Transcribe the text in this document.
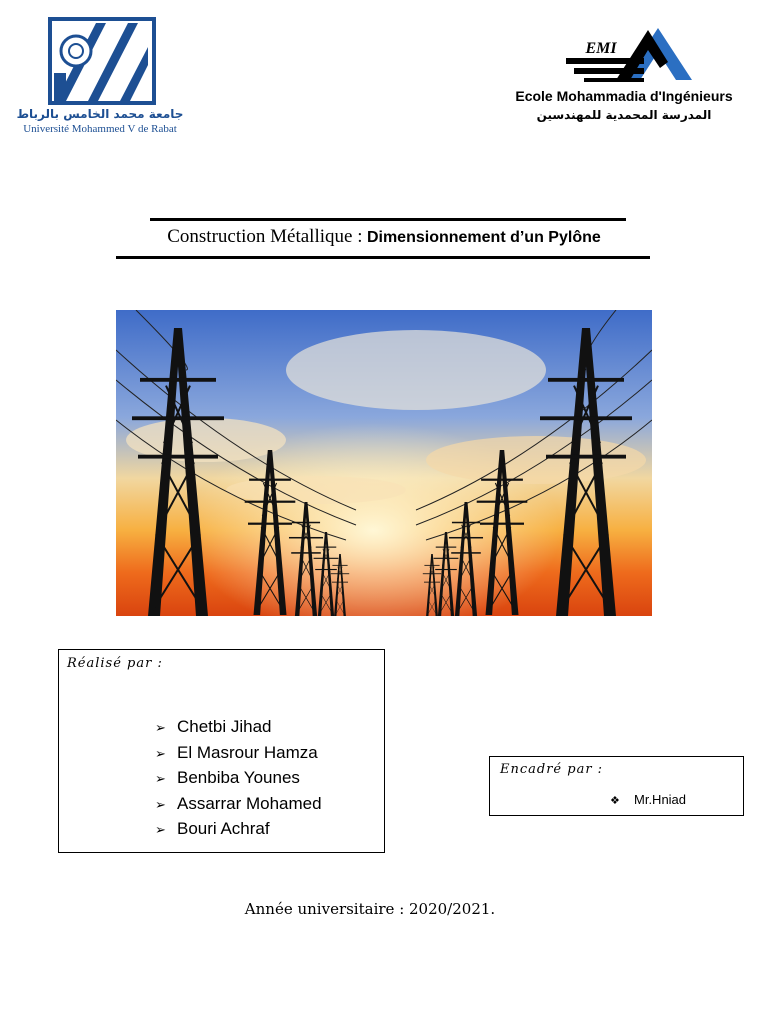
جامعة محمد الخامس بالرباط
Université Mohammed V de Rabat
EMI
Ecole Mohammadia d'Ingénieurs
المدرسة المحمدية للمهندسين
Construction Métallique : Dimensionnement d’un Pylône
Réalisé par :
➢ Chetbi Jihad
➢ El Masrour Hamza
➢ Benbiba Younes
➢ Assarrar Mohamed
➢ Bouri Achraf
Encadré par :
❖ Mr.Hniad
Année universitaire : 2020/2021.
